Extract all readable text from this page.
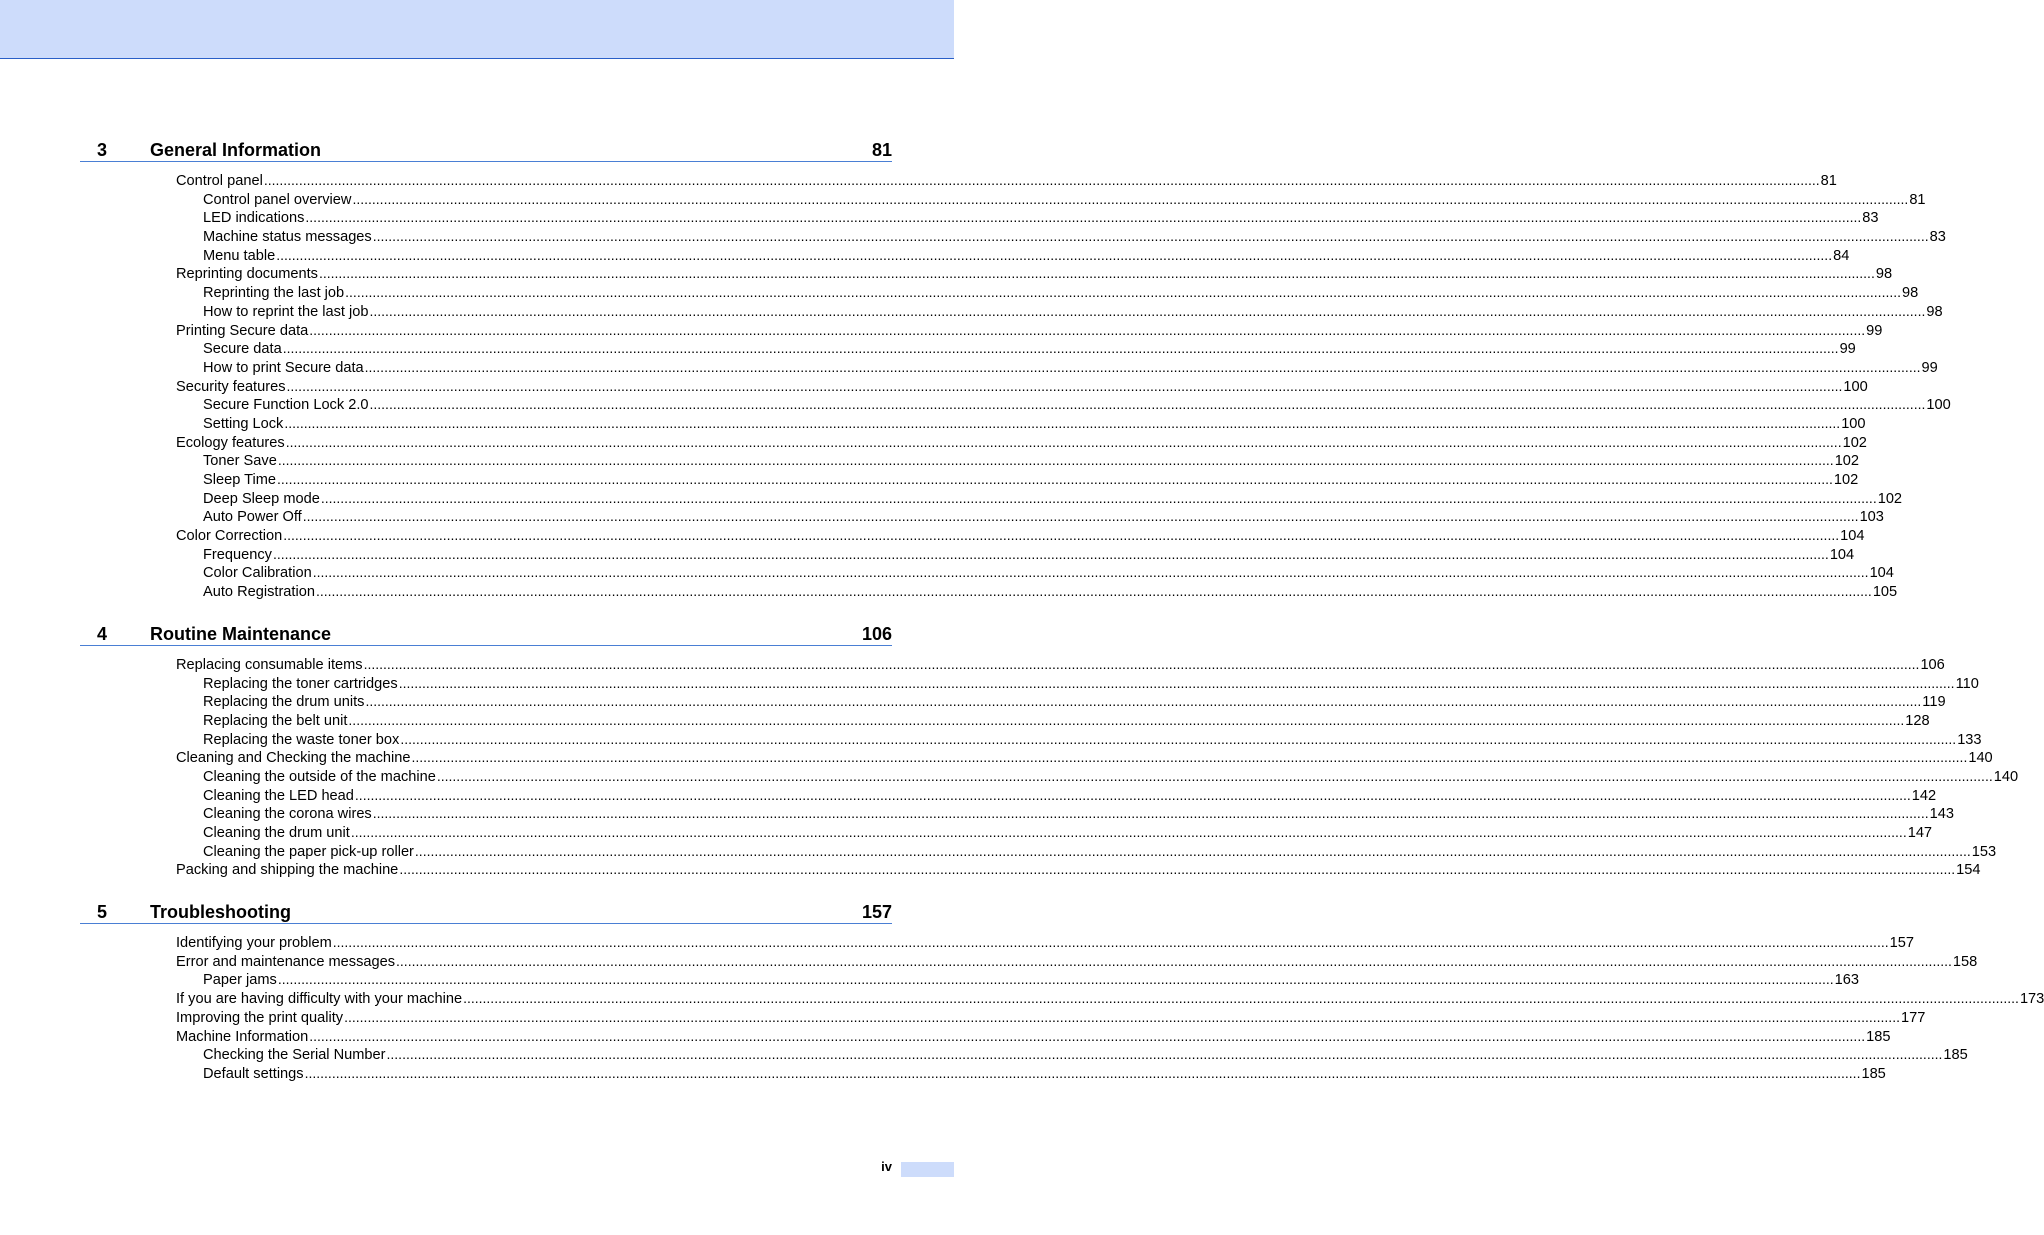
3	General Information	81
Control panel ................................................................................................................................................................................................................................................................................................................................................................................................................ 81
Control panel overview ................................................................................................................................................................................................................................................................................................................................................................................................................ 81
LED indications ................................................................................................................................................................................................................................................................................................................................................................................................................ 83
Machine status messages ................................................................................................................................................................................................................................................................................................................................................................................................................ 83
Menu table ................................................................................................................................................................................................................................................................................................................................................................................................................ 84
Reprinting documents ................................................................................................................................................................................................................................................................................................................................................................................................................ 98
Reprinting the last job ................................................................................................................................................................................................................................................................................................................................................................................................................ 98
How to reprint the last job ................................................................................................................................................................................................................................................................................................................................................................................................................ 98
Printing Secure data ................................................................................................................................................................................................................................................................................................................................................................................................................ 99
Secure data ................................................................................................................................................................................................................................................................................................................................................................................................................ 99
How to print Secure data ................................................................................................................................................................................................................................................................................................................................................................................................................ 99
Security features ................................................................................................................................................................................................................................................................................................................................................................................................................ 100
Secure Function Lock 2.0 ................................................................................................................................................................................................................................................................................................................................................................................................................ 100
Setting Lock ................................................................................................................................................................................................................................................................................................................................................................................................................ 100
Ecology features ................................................................................................................................................................................................................................................................................................................................................................................................................ 102
Toner Save ................................................................................................................................................................................................................................................................................................................................................................................................................ 102
Sleep Time ................................................................................................................................................................................................................................................................................................................................................................................................................ 102
Deep Sleep mode ................................................................................................................................................................................................................................................................................................................................................................................................................ 102
Auto Power Off ................................................................................................................................................................................................................................................................................................................................................................................................................ 103
Color Correction ................................................................................................................................................................................................................................................................................................................................................................................................................ 104
Frequency ................................................................................................................................................................................................................................................................................................................................................................................................................ 104
Color Calibration ................................................................................................................................................................................................................................................................................................................................................................................................................ 104
Auto Registration ................................................................................................................................................................................................................................................................................................................................................................................................................ 105
4	Routine Maintenance	106
Replacing consumable items ................................................................................................................................................................................................................................................................................................................................................................................................................ 106
Replacing the toner cartridges ................................................................................................................................................................................................................................................................................................................................................................................................................ 110
Replacing the drum units ................................................................................................................................................................................................................................................................................................................................................................................................................ 119
Replacing the belt unit ................................................................................................................................................................................................................................................................................................................................................................................................................ 128
Replacing the waste toner box ................................................................................................................................................................................................................................................................................................................................................................................................................ 133
Cleaning and Checking the machine ................................................................................................................................................................................................................................................................................................................................................................................................................ 140
Cleaning the outside of the machine ................................................................................................................................................................................................................................................................................................................................................................................................................ 140
Cleaning the LED head ................................................................................................................................................................................................................................................................................................................................................................................................................ 142
Cleaning the corona wires ................................................................................................................................................................................................................................................................................................................................................................................................................ 143
Cleaning the drum unit ................................................................................................................................................................................................................................................................................................................................................................................................................ 147
Cleaning the paper pick-up roller ................................................................................................................................................................................................................................................................................................................................................................................................................ 153
Packing and shipping the machine ................................................................................................................................................................................................................................................................................................................................................................................................................ 154
5	Troubleshooting	157
Identifying your problem ................................................................................................................................................................................................................................................................................................................................................................................................................ 157
Error and maintenance messages ................................................................................................................................................................................................................................................................................................................................................................................................................ 158
Paper jams ................................................................................................................................................................................................................................................................................................................................................................................................................ 163
If you are having difficulty with your machine ................................................................................................................................................................................................................................................................................................................................................................................................................ 173
Improving the print quality ................................................................................................................................................................................................................................................................................................................................................................................................................ 177
Machine Information ................................................................................................................................................................................................................................................................................................................................................................................................................ 185
Checking the Serial Number ................................................................................................................................................................................................................................................................................................................................................................................................................ 185
Default settings ................................................................................................................................................................................................................................................................................................................................................................................................................ 185
iv
